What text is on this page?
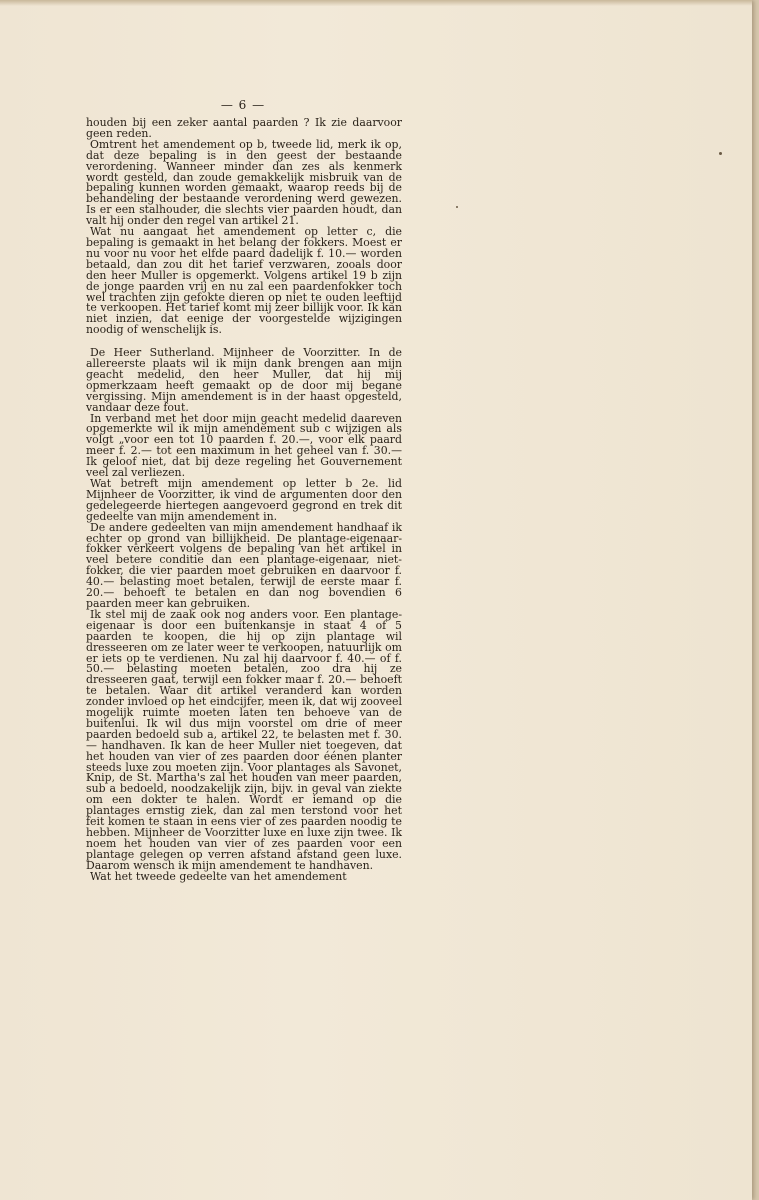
— 6 —

houden bij een zeker aantal paarden ? Ik zie daarvoor geen reden.

Omtrent het amendement op b, tweede lid, merk ik op, dat deze bepaling is in den geest der bestaande verordening. Wanneer minder dan zes als kenmerk wordt gesteld, dan zoude gemakkelijk misbruik van de bepaling kunnen worden gemaakt, waarop reeds bij de behandeling der bestaande verordening werd gewezen. Is er een stalhouder, die slechts vier paarden houdt, dan valt hij onder den regel van artikel 21.

Wat nu aangaat het amendement op letter c, die bepaling is gemaakt in het belang der fokkers. Moest er nu voor nu voor het elfde paard dadelijk f. 10.— worden betaald, dan zou dit het tarief verzwaren, zooals door den heer Muller is opgemerkt. Volgens artikel 19 b zijn de jonge paarden vrij en nu zal een paardenfokker toch wel trachten zijn gefokte dieren op niet te ouden leeftijd te verkoopen. Het tarief komt mij zeer billijk voor. Ik kan niet inzien, dat eenige der voorgestelde wijzigingen noodig of wenschelijk is.

De Heer Sutherland. Mijnheer de Voorzitter. In de allereerste plaats wil ik mijn dank brengen aan mijn geacht medelid, den heer Muller, dat hij mij opmerkzaam heeft gemaakt op de door mij begane vergissing. Mijn amendement is in der haast opgesteld, vandaar deze fout.

In verband met het door mijn geacht medelid daareven opgemerkte wil ik mijn amendement sub c wijzigen als volgt „voor een tot 10 paarden f. 20.—, voor elk paard meer f. 2.— tot een maximum in het geheel van f. 30.— Ik geloof niet, dat bij deze regeling het Gouvernement veel zal verliezen.

Wat betreft mijn amendement op letter b 2e. lid Mijnheer de Voorzitter, ik vind de argumenten door den gedelegeerde hiertegen aangevoerd gegrond en trek dit gedeelte van mijn amendement in.

De andere gedeelten van mijn amendement handhaaf ik echter op grond van billijkheid. De plantage-eigenaar-fokker verkeert volgens de bepaling van het artikel in veel betere conditie dan een plantage-eigenaar, niet-fokker, die vier paarden moet gebruiken en daarvoor f. 40.— belasting moet betalen, terwijl de eerste maar f. 20.— behoeft te betalen en dan nog bovendien 6 paarden meer kan gebruiken.

Ik stel mij de zaak ook nog anders voor. Een plantage-eigenaar is door een buitenkansje in staat 4 of 5 paarden te koopen, die hij op zijn plantage wil dresseeren om ze later weer te verkoopen, natuurlijk om er iets op te verdienen. Nu zal hij daarvoor f. 40.— of f. 50.— belasting moeten betalen, zoo dra hij ze dresseeren gaat, terwijl een fokker maar f. 20.— behoeft te betalen. Waar dit artikel veranderd kan worden zonder invloed op het eindcijfer, meen ik, dat wij zooveel mogelijk ruimte moeten laten ten behoeve van de buitenlui. Ik wil dus mijn voorstel om drie of meer paarden bedoeld sub a, artikel 22, te belasten met f. 30.— handhaven. Ik kan de heer Muller niet toegeven, dat het houden van vier of zes paarden door éénen planter steeds luxe zou moeten zijn. Voor plantages als Savonet, Knip, de St. Martha's zal het houden van meer paarden, sub a bedoeld, noodzakelijk zijn, bijv. in geval van ziekte om een dokter te halen. Wordt er iemand op die plantages ernstig ziek, dan zal men terstond voor het feit komen te staan in eens vier of zes paarden noodig te hebben. Mijnheer de Voorzitter luxe en luxe zijn twee. Ik noem het houden van vier of zes paarden voor een plantage gelegen op verren afstand afstand geen luxe. Daarom wensch ik mijn amendement te handhaven.

Wat het tweede gedeelte van het amendement
